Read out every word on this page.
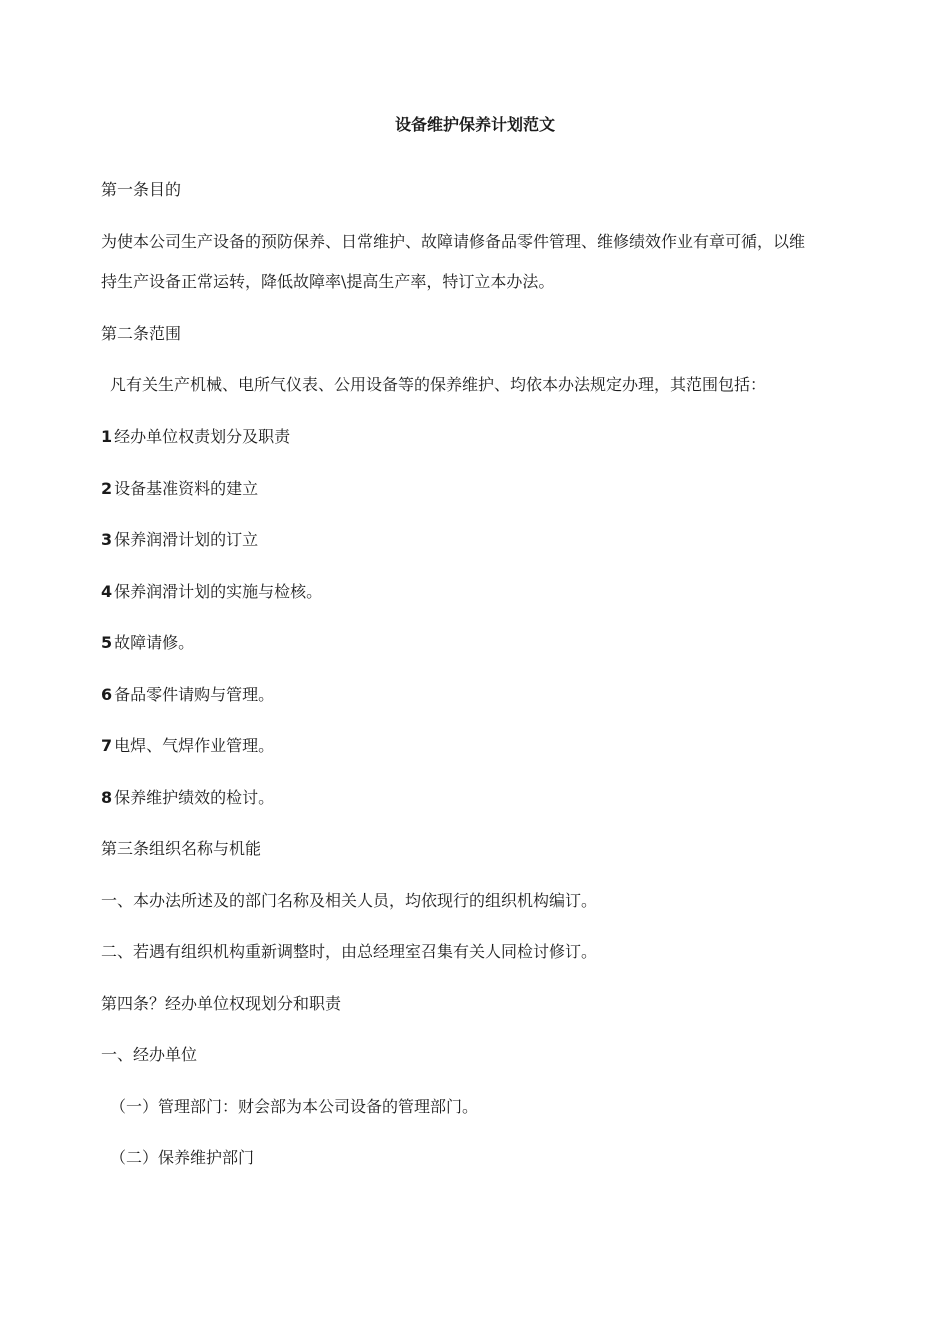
设备维护保养计划范文
第一条目的
为使本公司生产设备的预防保养、日常维护、故障请修备品零件管理、维修绩效作业有章可循，以维
持生产设备正常运转，降低故障率\提高生产率，特订立本办法。
第二条范围
凡有关生产机械、电所气仪表、公用设备等的保养维护、均依本办法规定办理，其范围包括：
1 经办单位权责划分及职责
2 设备基准资料的建立
3 保养润滑计划的订立
4 保养润滑计划的实施与检核。
5 故障请修。
6 备品零件请购与管理。
7 电焊、气焊作业管理。
8 保养维护绩效的检讨。
第三条组织名称与机能
一、本办法所述及的部门名称及相关人员，均依现行的组织机构编订。
二、若遇有组织机构重新调整时，由总经理室召集有关人同检讨修订。
第四条？经办单位权现划分和职责
一、经办单位
（一）管理部门：财会部为本公司设备的管理部门。
（二）保养维护部门
